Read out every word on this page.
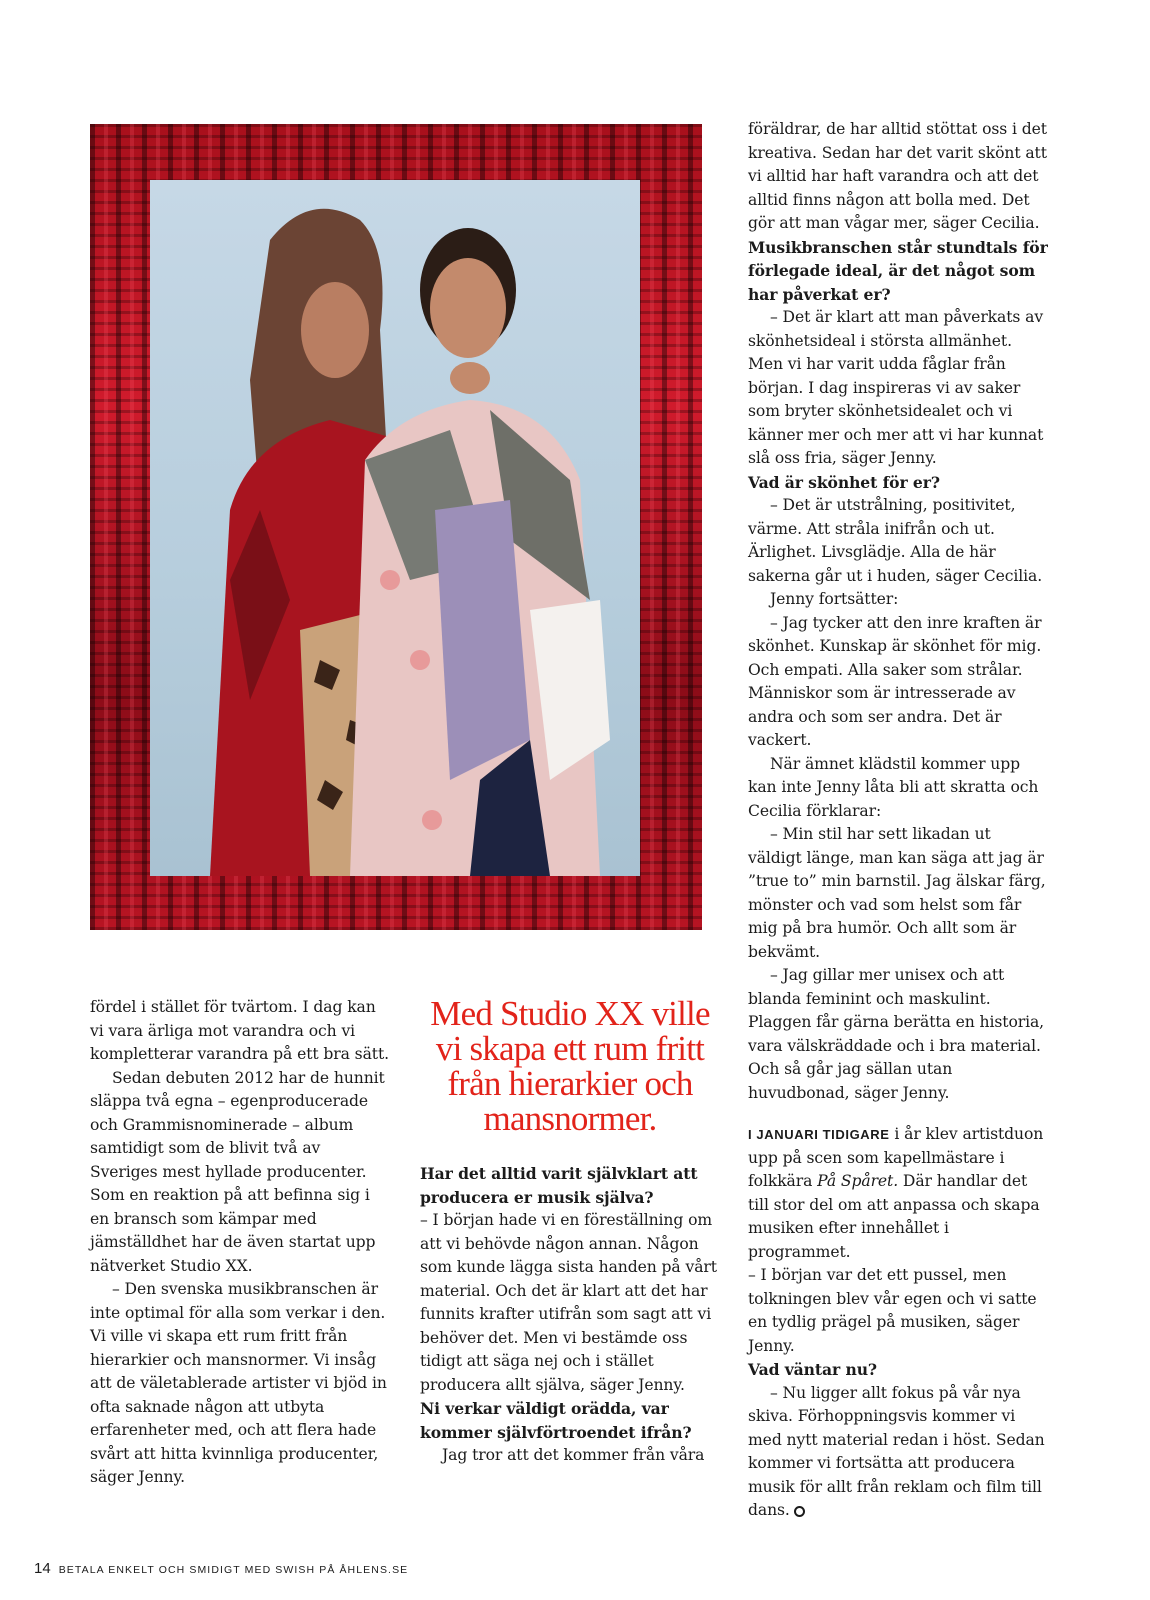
fördel i stället för tvärtom. I dag kan vi vara ärliga mot varandra och vi kompletterar varandra på ett bra sätt.

Sedan debuten 2012 har de hunnit släppa två egna – egenproducerade och Grammisnominerade – album samtidigt som de blivit två av Sveriges mest hyllade producenter. Som en reaktion på att befinna sig i en bransch som kämpar med jämställdhet har de även startat upp nätverket Studio XX.

– Den svenska musikbranschen är inte optimal för alla som verkar i den. Vi ville vi skapa ett rum fritt från hierarkier och mansnormer. Vi insåg att de väletablerade artister vi bjöd in ofta saknade någon att utbyta erfarenheter med, och att flera hade svårt att hitta kvinnliga producenter, säger Jenny.

Med Studio XX ville vi skapa ett rum fritt från hierarkier och mansnormer.

Har det alltid varit självklart att producera er musik själva?

– I början hade vi en föreställning om att vi behövde någon annan. Någon som kunde lägga sista handen på vårt material. Och det är klart att det har funnits krafter utifrån som sagt att vi behöver det. Men vi bestämde oss tidigt att säga nej och i stället producera allt själva, säger Jenny.

Ni verkar väldigt orädda, var kommer självförtroendet ifrån?

Jag tror att det kommer från våra

föräldrar, de har alltid stöttat oss i det kreativa. Sedan har det varit skönt att vi alltid har haft varandra och att det alltid finns någon att bolla med. Det gör att man vågar mer, säger Cecilia.

Musikbranschen står stundtals för förlegade ideal, är det något som har påverkat er?

– Det är klart att man påverkats av skönhetsideal i största allmänhet. Men vi har varit udda fåglar från början. I dag inspireras vi av saker som bryter skönhetsidealet och vi känner mer och mer att vi har kunnat slå oss fria, säger Jenny.

Vad är skönhet för er?

– Det är utstrålning, positivitet, värme. Att stråla inifrån och ut. Ärlighet. Livsglädje. Alla de här sakerna går ut i huden, säger Cecilia.

Jenny fortsätter:

– Jag tycker att den inre kraften är skönhet. Kunskap är skönhet för mig. Och empati. Alla saker som strålar. Människor som är intresserade av andra och som ser andra. Det är vackert.

När ämnet klädstil kommer upp kan inte Jenny låta bli att skratta och Cecilia förklarar:

– Min stil har sett likadan ut väldigt länge, man kan säga att jag är ”true to” min barnstil. Jag älskar färg, mönster och vad som helst som får mig på bra humör. Och allt som är bekvämt.

– Jag gillar mer unisex och att blanda feminint och maskulint. Plaggen får gärna berätta en historia, vara välskräddade och i bra material. Och så går jag sällan utan huvudbonad, säger Jenny.

I JANUARI TIDIGARE i år klev artistduon upp på scen som kapellmästare i folkkära På Spåret. Där handlar det till stor del om att anpassa och skapa musiken efter innehållet i programmet.

– I början var det ett pussel, men tolkningen blev vår egen och vi satte en tydlig prägel på musiken, säger Jenny.

Vad väntar nu?

– Nu ligger allt fokus på vår nya skiva. Förhoppningsvis kommer vi med nytt material redan i höst. Sedan kommer vi fortsätta att producera musik för allt från reklam och film till dans.

14 BETALA ENKELT OCH SMIDIGT MED SWISH PÅ ÅHLENS.SE
